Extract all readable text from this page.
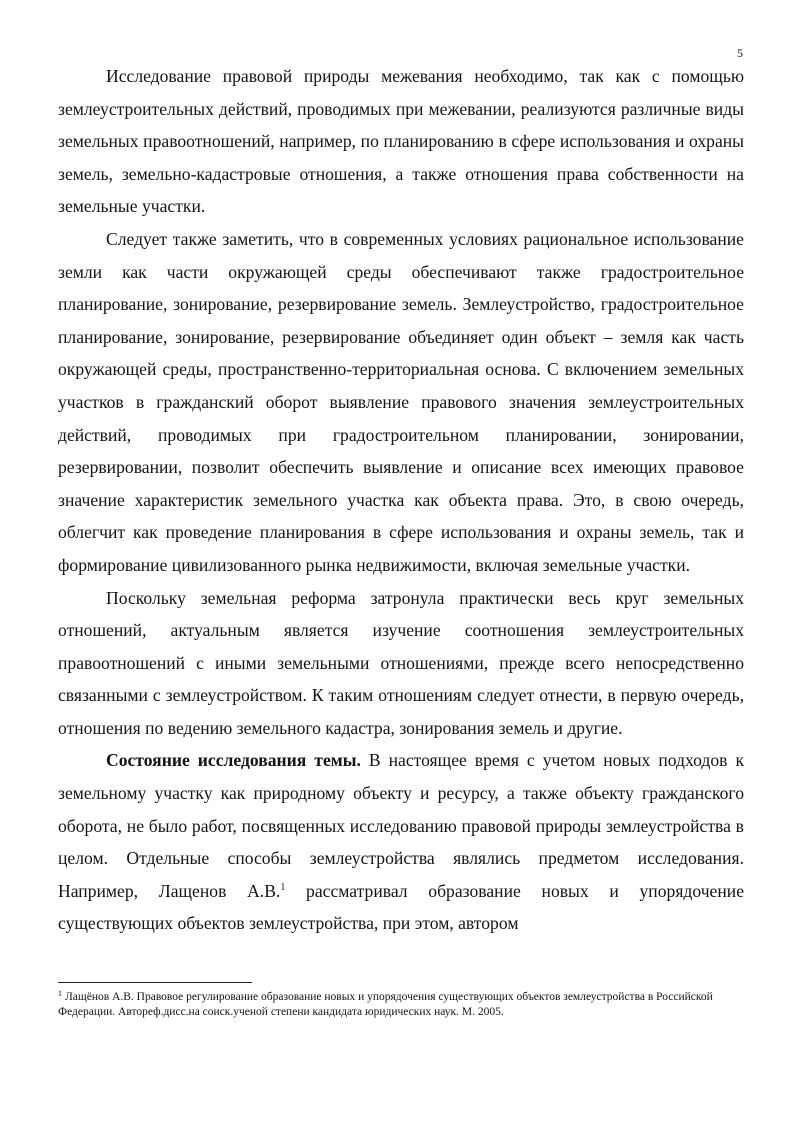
5

Исследование правовой природы межевания необходимо, так как с помощью землеустроительных действий, проводимых при межевании, реализуются различные виды земельных правоотношений, например, по планированию в сфере использования и охраны земель, земельно-кадастровые отношения, а также отношения права собственности на земельные участки.

Следует также заметить, что в современных условиях рациональное использование земли как части окружающей среды обеспечивают также градостроительное планирование, зонирование, резервирование земель. Землеустройство, градостроительное планирование, зонирование, резервирование объединяет один объект – земля как часть окружающей среды, пространственно-территориальная основа. С включением земельных участков в гражданский оборот выявление правового значения землеустроительных действий, проводимых при градостроительном планировании, зонировании, резервировании, позволит обеспечить выявление и описание всех имеющих правовое значение характеристик земельного участка как объекта права. Это, в свою очередь, облегчит как проведение планирования в сфере использования и охраны земель, так и формирование цивилизованного рынка недвижимости, включая земельные участки.

Поскольку земельная реформа затронула практически весь круг земельных отношений, актуальным является изучение соотношения землеустроительных правоотношений с иными земельными отношениями, прежде всего непосредственно связанными с землеустройством. К таким отношениям следует отнести, в первую очередь, отношения по ведению земельного кадастра, зонирования земель и другие.

Состояние исследования темы. В настоящее время с учетом новых подходов к земельному участку как природному объекту и ресурсу, а также объекту гражданского оборота, не было работ, посвященных исследованию правовой природы землеустройства в целом. Отдельные способы землеустройства являлись предметом исследования. Например, Лащенов А.В.$^1$ рассматривал образование новых и упорядочение существующих объектов землеустройства, при этом, автором

$^1$ Лащёнов А.В. Правовое регулирование образование новых и упорядочения существующих объектов землеустройства в Российской Федерации. Автореф.дисс.на соиск.ученой степени кандидата юридических наук. М. 2005.
